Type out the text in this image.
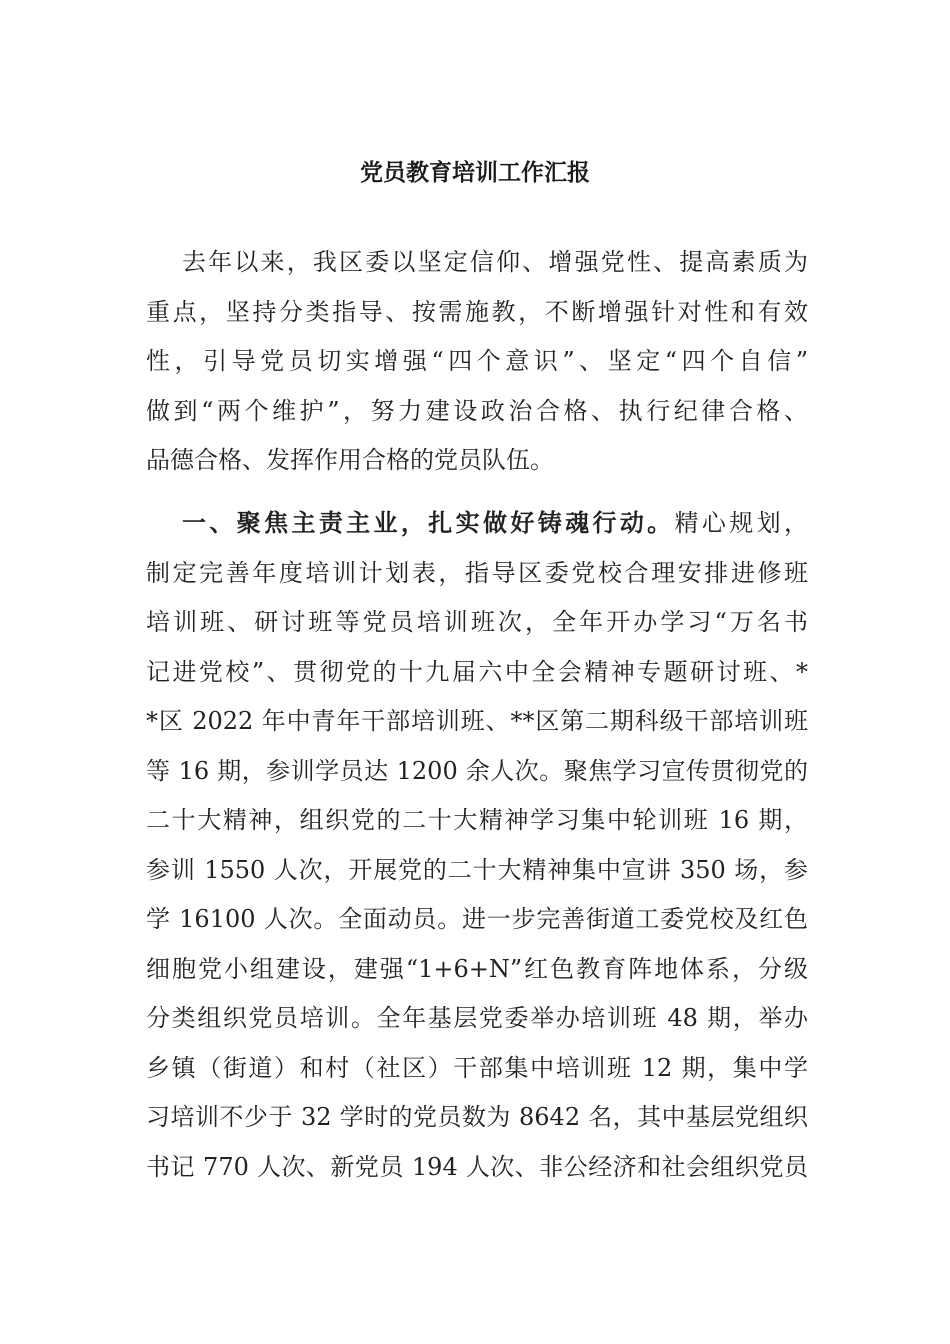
党员教育培训工作汇报
去年以来，我区委以坚定信仰、增强党性、提高素质为
重点，坚持分类指导、按需施教，不断增强针对性和有效
性，引导党员切实增强“四个意识”、坚定“四个自信”
做到“两个维护”，努力建设政治合格、执行纪律合格、
品德合格、发挥作用合格的党员队伍。
一、聚焦主责主业，扎实做好铸魂行动。精心规划，
制定完善年度培训计划表，指导区委党校合理安排进修班
培训班、研讨班等党员培训班次，全年开办学习“万名书
记进党校”、贯彻党的十九届六中全会精神专题研讨班、*
*区 2022 年中青年干部培训班、**区第二期科级干部培训班
等 16 期，参训学员达 1200 余人次。聚焦学习宣传贯彻党的
二十大精神，组织党的二十大精神学习集中轮训班 16 期，
参训 1550 人次，开展党的二十大精神集中宣讲 350 场，参
学 16100 人次。全面动员。进一步完善街道工委党校及红色
细胞党小组建设，建强“1+6+N”红色教育阵地体系，分级
分类组织党员培训。全年基层党委举办培训班 48 期，举办
乡镇（街道）和村（社区）干部集中培训班 12 期，集中学
习培训不少于 32 学时的党员数为 8642 名，其中基层党组织
书记 770 人次、新党员 194 人次、非公经济和社会组织党员
